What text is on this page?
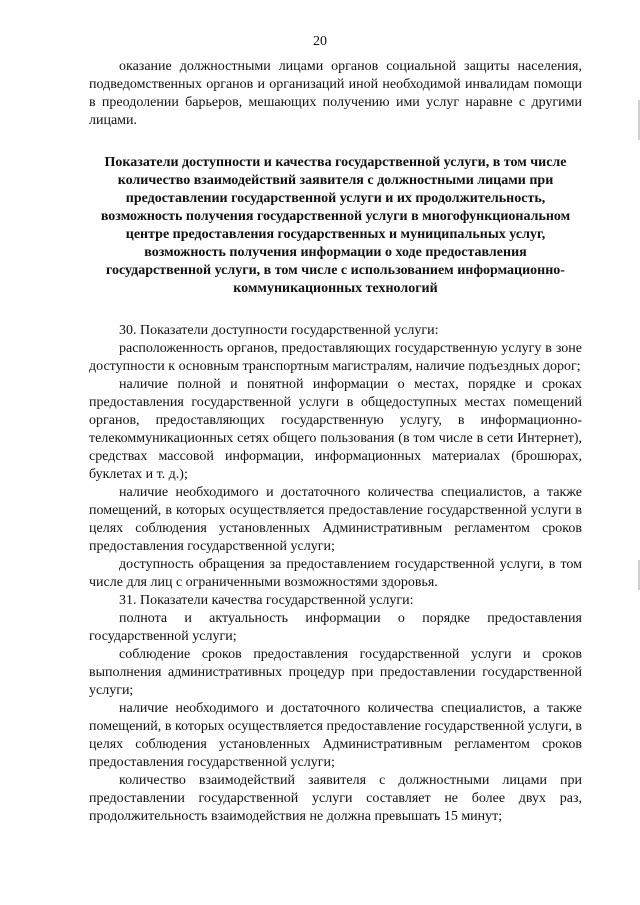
20

оказание должностными лицами органов социальной защиты населения, подведомственных органов и организаций иной необходимой инвалидам помощи в преодолении барьеров, мешающих получению ими услуг наравне с другими лицами.

Показатели доступности и качества государственной услуги, в том числе количество взаимодействий заявителя с должностными лицами при предоставлении государственной услуги и их продолжительность, возможность получения государственной услуги в многофункциональном центре предоставления государственных и муниципальных услуг, возможность получения информации о ходе предоставления государственной услуги, в том числе с использованием информационно-коммуникационных технологий

30. Показатели доступности государственной услуги:

расположенность органов, предоставляющих государственную услугу в зоне доступности к основным транспортным магистралям, наличие подъездных дорог;

наличие полной и понятной информации о местах, порядке и сроках предоставления государственной услуги в общедоступных местах помещений органов, предоставляющих государственную услугу, в информационно-телекоммуникационных сетях общего пользования (в том числе в сети Интернет), средствах массовой информации, информационных материалах (брошюрах, буклетах и т. д.);

наличие необходимого и достаточного количества специалистов, а также помещений, в которых осуществляется предоставление государственной услуги в целях соблюдения установленных Административным регламентом сроков предоставления государственной услуги;

доступность обращения за предоставлением государственной услуги, в том числе для лиц с ограниченными возможностями здоровья.

31. Показатели качества государственной услуги:

полнота и актуальность информации о порядке предоставления государственной услуги;

соблюдение сроков предоставления государственной услуги и сроков выполнения административных процедур при предоставлении государственной услуги;

наличие необходимого и достаточного количества специалистов, а также помещений, в которых осуществляется предоставление государственной услуги, в целях соблюдения установленных Административным регламентом сроков предоставления государственной услуги;

количество взаимодействий заявителя с должностными лицами при предоставлении государственной услуги составляет не более двух раз, продолжительность взаимодействия не должна превышать 15 минут;
